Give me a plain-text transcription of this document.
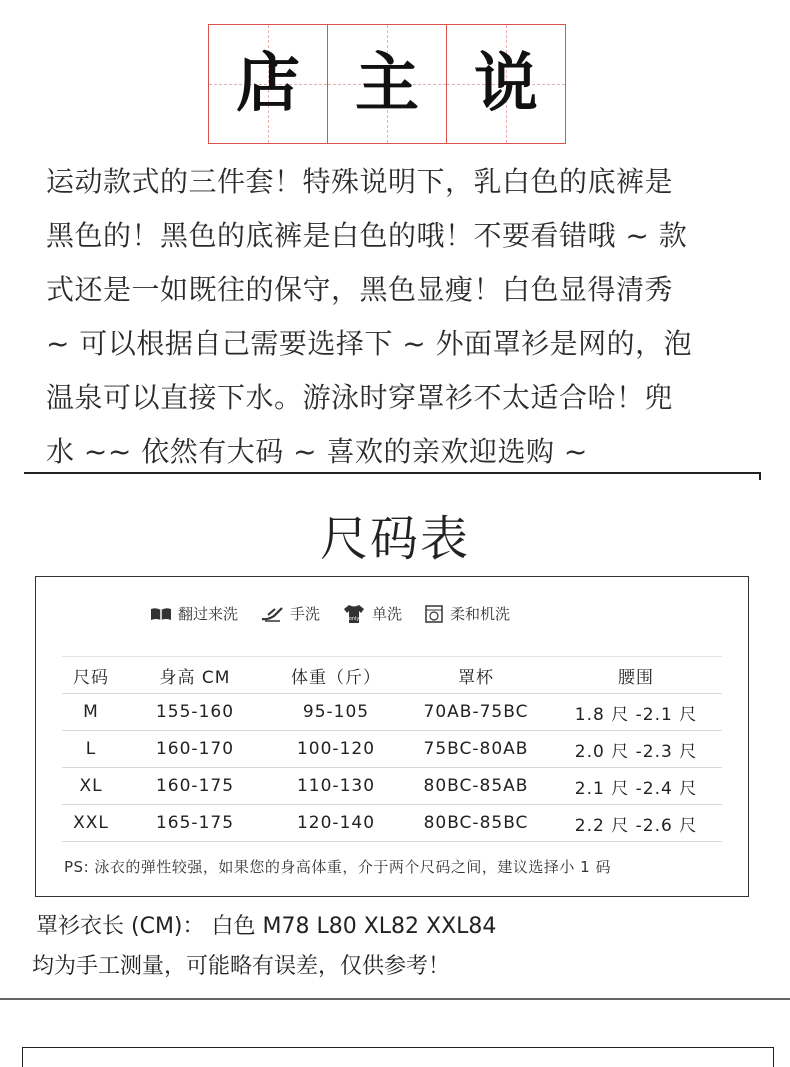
店 主 说

运动款式的三件套！特殊说明下，乳白色的底裤是

黑色的！黑色的底裤是白色的哦！不要看错哦 ~ 款

式还是一如既往的保守，黑色显瘦！白色显得清秀

~ 可以根据自己需要选择下 ~ 外面罩衫是网的，泡

温泉可以直接下水。游泳时穿罩衫不太适合哈！兜

水 ~~ 依然有大码 ~ 喜欢的亲欢迎选购 ~

尺码表
翻过来洗	手洗	only 单洗	柔和机洗
尺码	身高 CM	体重（斤）	罩杯	腰围
M	155-160	95-105	70AB-75BC	1.8 尺 -2.1 尺
L	160-170	100-120	75BC-80AB	2.0 尺 -2.3 尺
XL	160-175	110-130	80BC-85AB	2.1 尺 -2.4 尺
XXL	165-175	120-140	80BC-85BC	2.2 尺 -2.6 尺
PS: 泳衣的弹性较强，如果您的身高体重，介于两个尺码之间，建议选择小 1 码
罩衫衣长 (CM)： 白色 M78 L80 XL82 XXL84
均为手工测量，可能略有误差，仅供参考！
